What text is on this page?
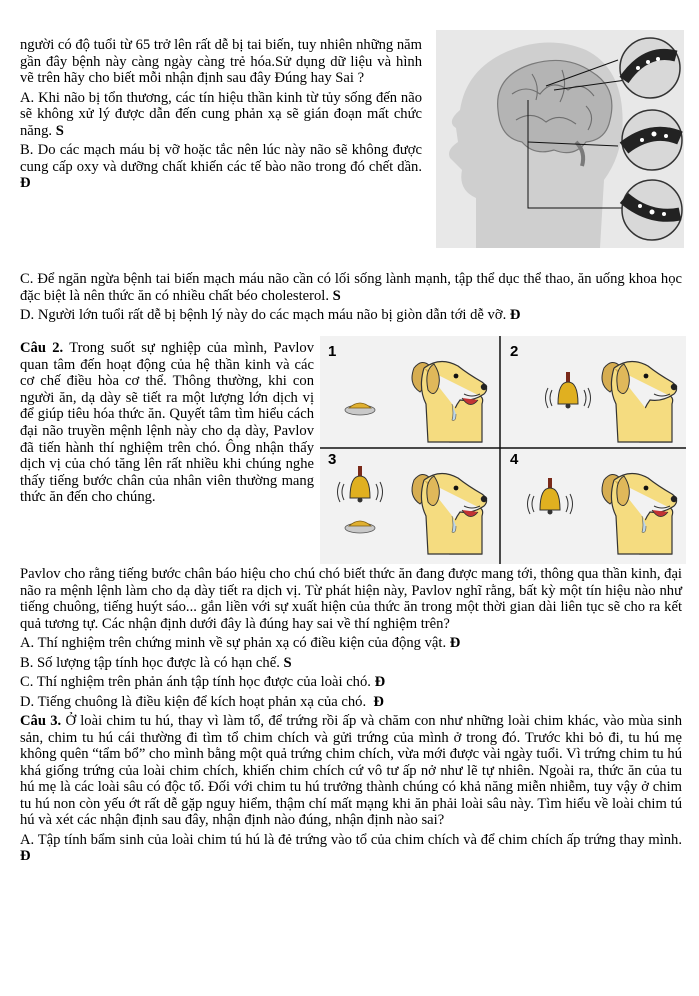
người có độ tuổi từ 65 trở lên rất dễ bị tai biến, tuy nhiên những năm gần đây bệnh này càng ngày càng trẻ hóa.Sử dụng dữ liệu và hình vẽ trên hãy cho biết mỗi nhận định sau đây Đúng hay Sai ?

A. Khi não bị tổn thương, các tín hiệu thần kinh từ tủy sống đến não sẽ không xử lý được dẫn đến cung phản xạ sẽ gián đoạn mất chức năng. S

B. Do các mạch máu bị vỡ hoặc tắc nên lúc này não sẽ không được cung cấp oxy và dưỡng chất khiến các tế bào não trong đó chết dần. Đ

C. Để ngăn ngừa bệnh tai biến mạch máu não cần có lối sống lành mạnh, tập thể dục thể thao, ăn uống khoa học đặc biệt là nên thức ăn có nhiều chất béo cholesterol. S

D. Người lớn tuổi rất dễ bị bệnh lý này do các mạch máu não bị giòn dẫn tới dễ vỡ. Đ

Câu 2. Trong suốt sự nghiệp của mình, Pavlov quan tâm đến hoạt động của hệ thần kinh và các cơ chế điều hòa cơ thể. Thông thường, khi con người ăn, dạ dày sẽ tiết ra một lượng lớn dịch vị để giúp tiêu hóa thức ăn. Quyết tâm tìm hiểu cách đại não truyền mệnh lệnh này cho dạ dày, Pavlov đã tiến hành thí nghiệm trên chó. Ông nhận thấy dịch vị của chó tăng lên rất nhiều khi chúng nghe thấy tiếng bước chân của nhân viên thường mang thức ăn đến cho chúng.

1	2
3	4

Pavlov cho rằng tiếng bước chân báo hiệu cho chú chó biết thức ăn đang được mang tới, thông qua thần kinh, đại não ra mệnh lệnh làm cho dạ dày tiết ra dịch vị. Từ phát hiện này, Pavlov nghĩ rằng, bất kỳ một tín hiệu nào như tiếng chuông, tiếng huýt sáo... gắn liền với sự xuất hiện của thức ăn trong một thời gian dài liên tục sẽ cho ra kết quả tương tự. Các nhận định dưới đây là đúng hay sai về thí nghiệm trên?

A. Thí nghiệm trên chứng minh về sự phản xạ có điều kiện của động vật. Đ

B. Số lượng tập tính học được là có hạn chế. S

C. Thí nghiệm trên phản ánh tập tính học được của loài chó. Đ

D. Tiếng chuông là điều kiện để kích hoạt phản xạ của chó. Đ

Câu 3. Ở loài chim tu hú, thay vì làm tổ, để trứng rồi ấp và chăm con như những loài chim khác, vào mùa sinh sản, chim tu hú cái thường đi tìm tổ chim chích và gửi trứng của mình ở trong đó. Trước khi bỏ đi, tu hú mẹ không quên “tẩm bổ” cho mình bằng một quả trứng chim chích, vừa mới được vài ngày tuổi. Vì trứng chim tu hú khá giống trứng của loài chim chích, khiến chim chích cứ vô tư ấp nở như lẽ tự nhiên. Ngoài ra, thức ăn của tu hú mẹ là các loài sâu có độc tố. Đối với chim tu hú trưởng thành chúng có khả năng miễn nhiễm, tuy vậy ở chim tu hú non còn yếu ớt rất dễ gặp nguy hiểm, thậm chí mất mạng khi ăn phải loài sâu này. Tìm hiểu về loài chim tú hú và xét các nhận định sau đây, nhận định nào đúng, nhận định nào sai?

A. Tập tính bẩm sinh của loài chim tú hú là đẻ trứng vào tổ của chim chích và để chim chích ấp trứng thay mình. Đ
